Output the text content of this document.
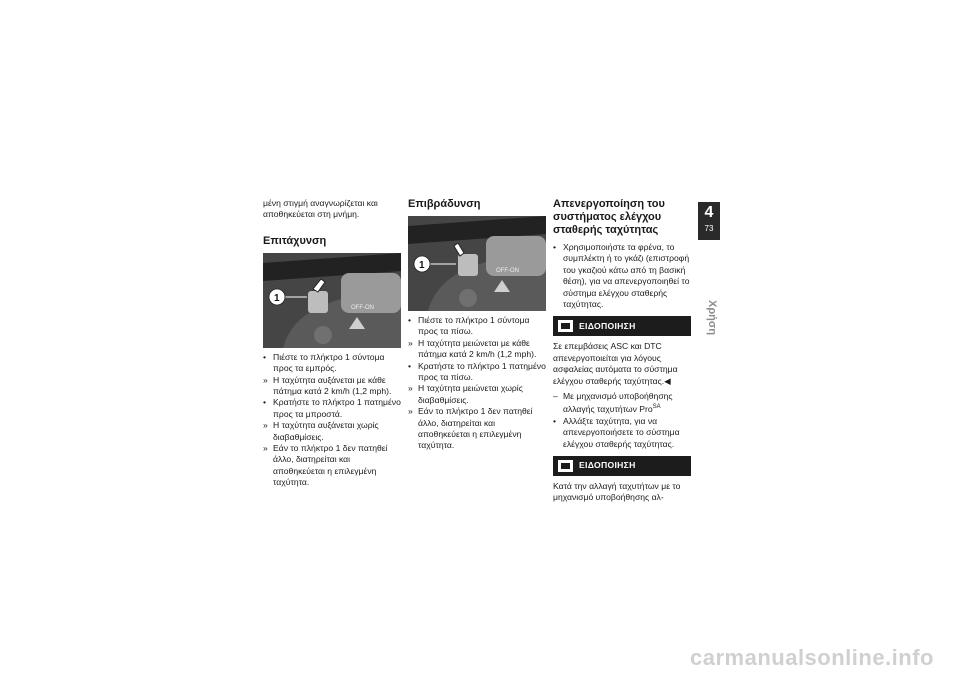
μένη στιγμή αναγνωρίζεται και αποθηκεύεται στη μνήμη.

Επιτάχυνση
OFF-ON
1
• Πιέστε το πλήκτρο 1 σύντομα προς τα εμπρός.
» Η ταχύτητα αυξάνεται με κάθε πάτημα κατά 2 km/h (1,2 mph).
• Κρατήστε το πλήκτρο 1 πατημένο προς τα μπροστά.
» Η ταχύτητα αυξάνεται χωρίς διαβαθμίσεις.
» Εάν το πλήκτρο 1 δεν πατηθεί άλλο, διατηρείται και αποθηκεύεται η επιλεγμένη ταχύτητα.
Επιβράδυνση
OFF-ON
1
• Πιέστε το πλήκτρο 1 σύντομα προς τα πίσω.
» Η ταχύτητα μειώνεται με κάθε πάτημα κατά 2 km/h (1,2 mph).
• Κρατήστε το πλήκτρο 1 πατημένο προς τα πίσω.
» Η ταχύτητα μειώνεται χωρίς διαβαθμίσεις.
» Εάν το πλήκτρο 1 δεν πατηθεί άλλο, διατηρείται και αποθηκεύεται η επιλεγμένη ταχύτητα.
Απενεργοποίηση του συστήματος ελέγχου σταθερής ταχύτητας
• Χρησιμοποιήστε τα φρένα, το συμπλέκτη ή το γκάζι (επιστροφή του γκαζιού κάτω από τη βασική θέση), για να απενεργοποιηθεί το σύστημα ελέγχου σταθερής ταχύτητας.
ΕΙΔΟΠΟΙΗΣΗ

Σε επεμβάσεις ASC και DTC απενεργοποιείται για λόγους ασφαλείας αυτόματα το σύστημα ελέγχου σταθερής ταχύτητας.◀

– Με μηχανισμό υποβοήθησης αλλαγής ταχυτήτων Pro$^{SA}$
• Αλλάξτε ταχύτητα, για να απενεργοποιήσετε το σύστημα ελέγχου σταθερής ταχύτητας.
ΕΙΔΟΠΟΙΗΣΗ

Κατά την αλλαγή ταχυτήτων με το μηχανισμό υποβοήθησης αλ-

4
73
Χρήση
carmanualsonline.info
